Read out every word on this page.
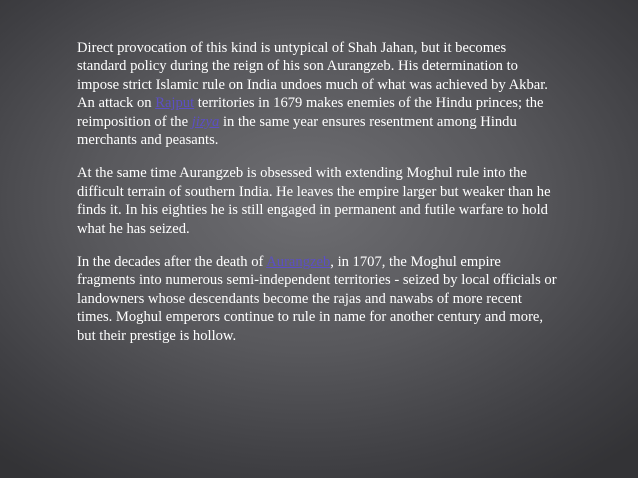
Direct provocation of this kind is untypical of Shah Jahan, but it becomes standard policy during the reign of his son Aurangzeb. His determination to impose strict Islamic rule on India undoes much of what was achieved by Akbar. An attack on Rajput territories in 1679 makes enemies of the Hindu princes; the reimposition of the jizya in the same year ensures resentment among Hindu merchants and peasants.

At the same time Aurangzeb is obsessed with extending Moghul rule into the difficult terrain of southern India. He leaves the empire larger but weaker than he finds it. In his eighties he is still engaged in permanent and futile warfare to hold what he has seized.

In the decades after the death of Aurangzeb, in 1707, the Moghul empire fragments into numerous semi-independent territories - seized by local officials or landowners whose descendants become the rajas and nawabs of more recent times. Moghul emperors continue to rule in name for another century and more, but their prestige is hollow.
